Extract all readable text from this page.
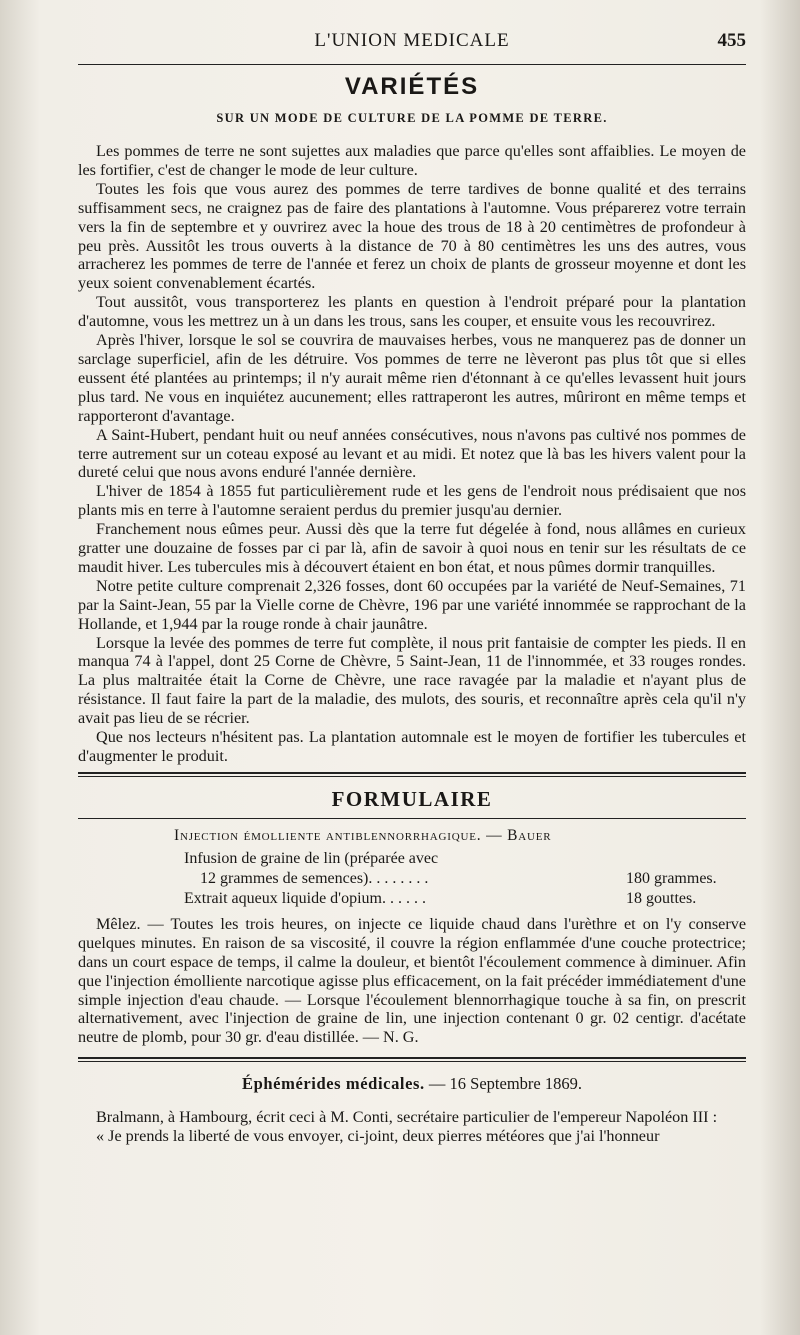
L'UNION MEDICALE	455
VARIÉTÉS
SUR UN MODE DE CULTURE DE LA POMME DE TERRE.

Les pommes de terre ne sont sujettes aux maladies que parce qu'elles sont affaiblies. Le moyen de les fortifier, c'est de changer le mode de leur culture.

Toutes les fois que vous aurez des pommes de terre tardives de bonne qualité et des terrains suffisamment secs, ne craignez pas de faire des plantations à l'automne. Vous préparerez votre terrain vers la fin de septembre et y ouvrirez avec la houe des trous de 18 à 20 centimètres de profondeur à peu près. Aussitôt les trous ouverts à la distance de 70 à 80 centimètres les uns des autres, vous arracherez les pommes de terre de l'année et ferez un choix de plants de grosseur moyenne et dont les yeux soient convenablement écartés.

Tout aussitôt, vous transporterez les plants en question à l'endroit préparé pour la plantation d'automne, vous les mettrez un à un dans les trous, sans les couper, et ensuite vous les recouvrirez.

Après l'hiver, lorsque le sol se couvrira de mauvaises herbes, vous ne manquerez pas de donner un sarclage superficiel, afin de les détruire. Vos pommes de terre ne lèveront pas plus tôt que si elles eussent été plantées au printemps; il n'y aurait même rien d'étonnant à ce qu'elles levassent huit jours plus tard. Ne vous en inquiétez aucunement; elles rattraperont les autres, mûriront en même temps et rapporteront d'avantage.

A Saint-Hubert, pendant huit ou neuf années consécutives, nous n'avons pas cultivé nos pommes de terre autrement sur un coteau exposé au levant et au midi. Et notez que là bas les hivers valent pour la dureté celui que nous avons enduré l'année dernière.

L'hiver de 1854 à 1855 fut particulièrement rude et les gens de l'endroit nous prédisaient que nos plants mis en terre à l'automne seraient perdus du premier jusqu'au dernier.

Franchement nous eûmes peur. Aussi dès que la terre fut dégelée à fond, nous allâmes en curieux gratter une douzaine de fosses par ci par là, afin de savoir à quoi nous en tenir sur les résultats de ce maudit hiver. Les tubercules mis à découvert étaient en bon état, et nous pûmes dormir tranquilles.

Notre petite culture comprenait 2,326 fosses, dont 60 occupées par la variété de Neuf-Semaines, 71 par la Saint-Jean, 55 par la Vielle corne de Chèvre, 196 par une variété innommée se rapprochant de la Hollande, et 1,944 par la rouge ronde à chair jaunâtre.

Lorsque la levée des pommes de terre fut complète, il nous prit fantaisie de compter les pieds. Il en manqua 74 à l'appel, dont 25 Corne de Chèvre, 5 Saint-Jean, 11 de l'innommée, et 33 rouges rondes. La plus maltraitée était la Corne de Chèvre, une race ravagée par la maladie et n'ayant plus de résistance. Il faut faire la part de la maladie, des mulots, des souris, et reconnaître après cela qu'il n'y avait pas lieu de se récrier.

Que nos lecteurs n'hésitent pas. La plantation automnale est le moyen de fortifier les tubercules et d'augmenter le produit.

FORMULAIRE
Injection émolliente antiblennorrhagique. — Bauer
Infusion de graine de lin (préparée avec
12 grammes de semences) . . . . . . . .	180 grammes.
Extrait aqueux liquide d'opium . . . . . .	18 gouttes.

Mêlez. — Toutes les trois heures, on injecte ce liquide chaud dans l'urèthre et on l'y conserve quelques minutes. En raison de sa viscosité, il couvre la région enflammée d'une couche protectrice; dans un court espace de temps, il calme la douleur, et bientôt l'écoulement commence à diminuer. Afin que l'injection émolliente narcotique agisse plus efficacement, on la fait précéder immédiatement d'une simple injection d'eau chaude. — Lorsque l'écoulement blennorrhagique touche à sa fin, on prescrit alternativement, avec l'injection de graine de lin, une injection contenant 0 gr. 02 centigr. d'acétate neutre de plomb, pour 30 gr. d'eau distillée. — N. G.

Éphémérides médicales. — 16 Septembre 1869.

Bralmann, à Hambourg, écrit ceci à M. Conti, secrétaire particulier de l'empereur Napoléon III :

« Je prends la liberté de vous envoyer, ci-joint, deux pierres météores que j'ai l'honneur
